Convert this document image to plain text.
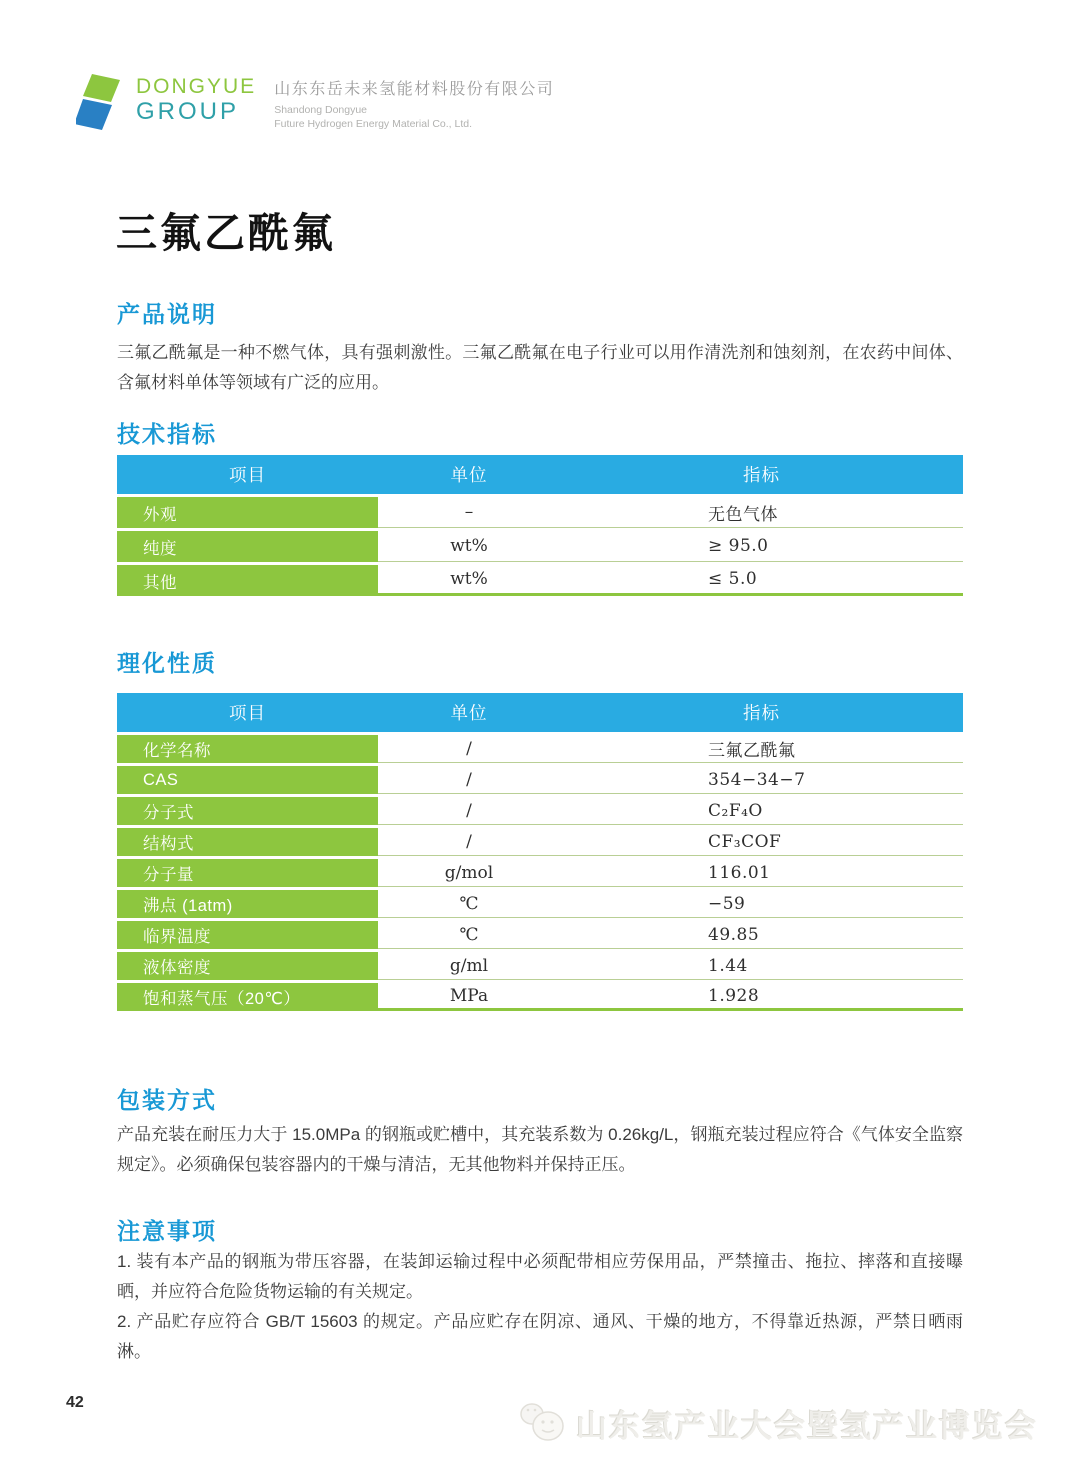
DONGYUE
GROUP
山东东岳未来氢能材料股份有限公司
Shandong Dongyue
Future Hydrogen Energy Material Co., Ltd.
三氟乙酰氟
产品说明

三氟乙酰氟是一种不燃气体，具有强刺激性。三氟乙酰氟在电子行业可以用作清洗剂和蚀刻剂，在农药中间体、含氟材料单体等领域有广泛的应用。

技术指标
项目	单位	指标
外观	–	无色气体
纯度	wt%	≥ 95.0
其他	wt%	≤ 5.0
理化性质
项目	单位	指标
化学名称	/	三氟乙酰氟
CAS	/	354−34−7
分子式	/	C₂F₄O
结构式	/	CF₃COF
分子量	g/mol	116.01
沸点 (1atm)	℃	−59
临界温度	℃	49.85
液体密度	g/ml	1.44
饱和蒸气压（20℃）	MPa	1.928
包装方式

产品充装在耐压力大于 15.0MPa 的钢瓶或贮槽中，其充装系数为 0.26kg/L，钢瓶充装过程应符合《气体安全监察规定》。必须确保包装容器内的干燥与清洁，无其他物料并保持正压。

注意事项
1. 装有本产品的钢瓶为带压容器，在装卸运输过程中必须配带相应劳保用品，严禁撞击、拖拉、摔落和直接曝晒，并应符合危险货物运输的有关规定。
2. 产品贮存应符合 GB/T 15603 的规定。产品应贮存在阴凉、通风、干燥的地方，不得靠近热源，严禁日晒雨淋。
42
山东氢产业大会暨氢产业博览会
